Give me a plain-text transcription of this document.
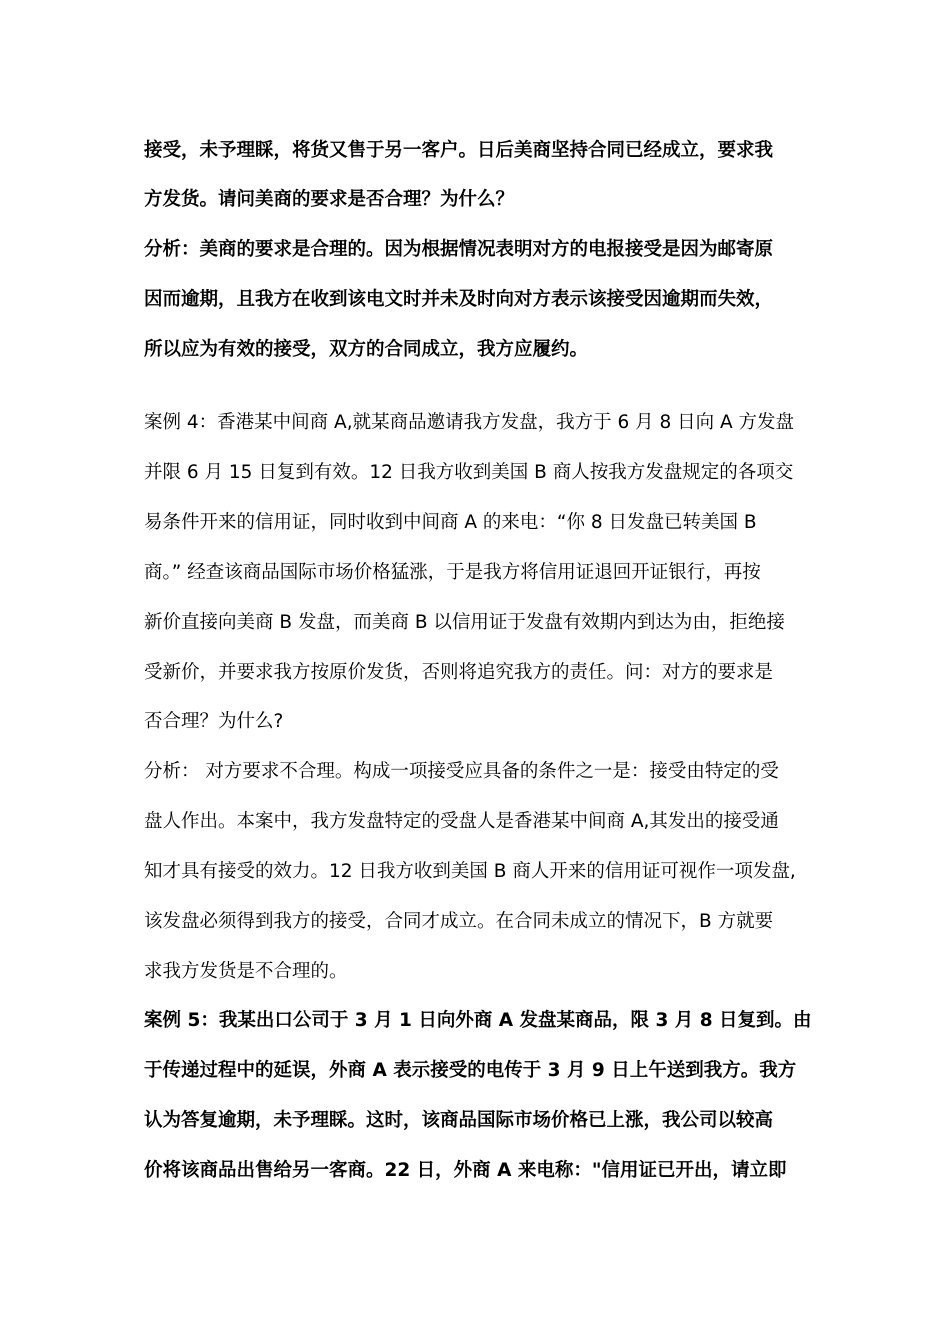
接受，未予理睬，将货又售于另一客户。日后美商坚持合同已经成立，要求我
方发货。请问美商的要求是否合理？为什么？
分析：美商的要求是合理的。因为根据情况表明对方的电报接受是因为邮寄原
因而逾期，且我方在收到该电文时并未及时向对方表示该接受因逾期而失效，
所以应为有效的接受，双方的合同成立，我方应履约。
案例 4：香港某中间商 A,就某商品邀请我方发盘，我方于 6 月 8 日向 A 方发盘
并限 6 月 15 日复到有效。12 日我方收到美国 B 商人按我方发盘规定的各项交
易条件开来的信用证，同时收到中间商 A 的来电：“你 8 日发盘已转美国 B
商。” 经查该商品国际市场价格猛涨，于是我方将信用证退回开证银行，再按
新价直接向美商 B 发盘，而美商 B 以信用证于发盘有效期内到达为由，拒绝接
受新价，并要求我方按原价发货，否则将追究我方的责任。问：对方的要求是
否合理？为什么?
分析： 对方要求不合理。构成一项接受应具备的条件之一是：接受由特定的受
盘人作出。本案中，我方发盘特定的受盘人是香港某中间商 A,其发出的接受通
知才具有接受的效力。12 日我方收到美国 B 商人开来的信用证可视作一项发盘,
该发盘必须得到我方的接受，合同才成立。在合同未成立的情况下，B 方就要
求我方发货是不合理的。
案例 5：我某出口公司于 3 月 1 日向外商 A 发盘某商品，限 3 月 8 日复到。由
于传递过程中的延误，外商 A 表示接受的电传于 3 月 9 日上午送到我方。我方
认为答复逾期，未予理睬。这时，该商品国际市场价格已上涨，我公司以较高
价将该商品出售给另一客商。22 日，外商 A 来电称："信用证已开出，请立即
